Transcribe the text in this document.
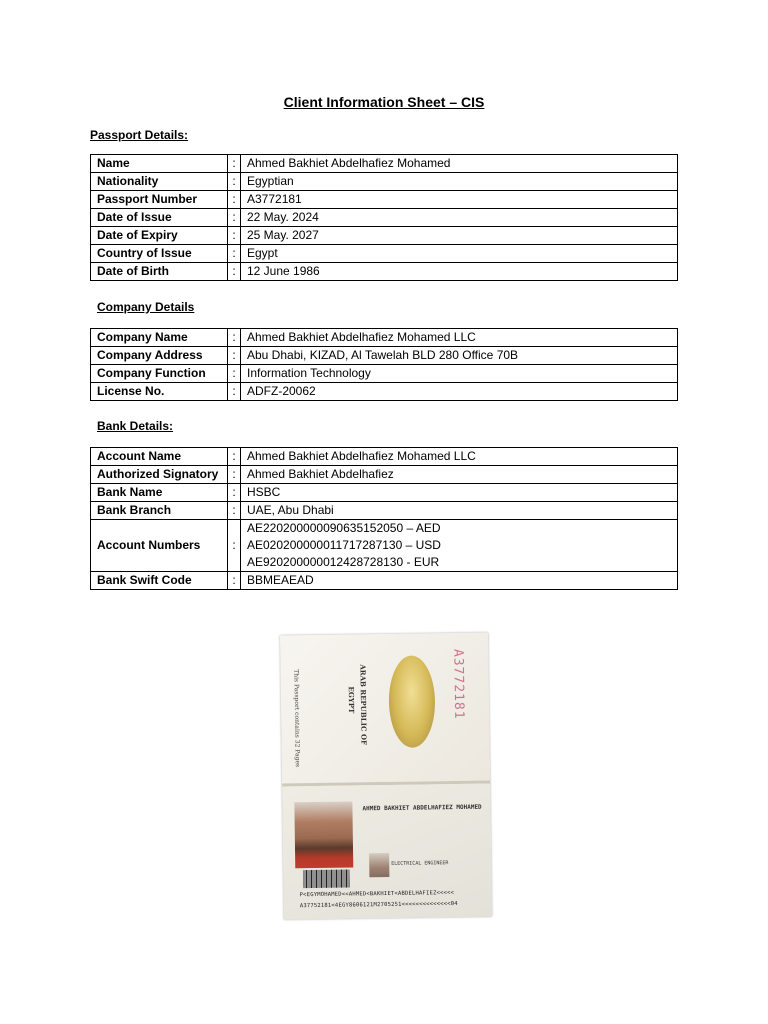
Client Information Sheet – CIS
Passport Details:
Name	:	Ahmed Bakhiet Abdelhafiez Mohamed
Nationality	:	Egyptian
Passport Number	:	A3772181
Date of Issue	:	22 May. 2024
Date of Expiry	:	25 May. 2027
Country of Issue	:	Egypt
Date of Birth	:	12 June 1986
Company Details
Company Name	:	Ahmed Bakhiet Abdelhafiez Mohamed LLC
Company Address	:	Abu Dhabi, KIZAD, Al Tawelah BLD 280 Office 70B
Company Function	:	Information Technology
License No.	:	ADFZ-20062
Bank Details:
Account Name	:	Ahmed Bakhiet Abdelhafiez Mohamed LLC
Authorized Signatory	:	Ahmed Bakhiet Abdelhafiez
Bank Name	:	HSBC
Bank Branch	:	UAE, Abu Dhabi
Account Numbers	:	AE220200000090635152050 – AED
AE020200000011717287130 – USD
AE920200000012428728130 - EUR

Bank Swift Code	:	BBMEAEAD
This Passport contains 32 Pages	ARAB REPUBLIC OF
EGYPT	A3772181
AHMED BAKHIET ABDELHAFIEZ MOHAMED
ELECTRICAL ENGINEER
P<EGYMOHAMED<<AHMED<BAKHIET<ABDELHAFIEZ<<<<<
A37752181<4EGY8606121M2705251<<<<<<<<<<<<<<04
